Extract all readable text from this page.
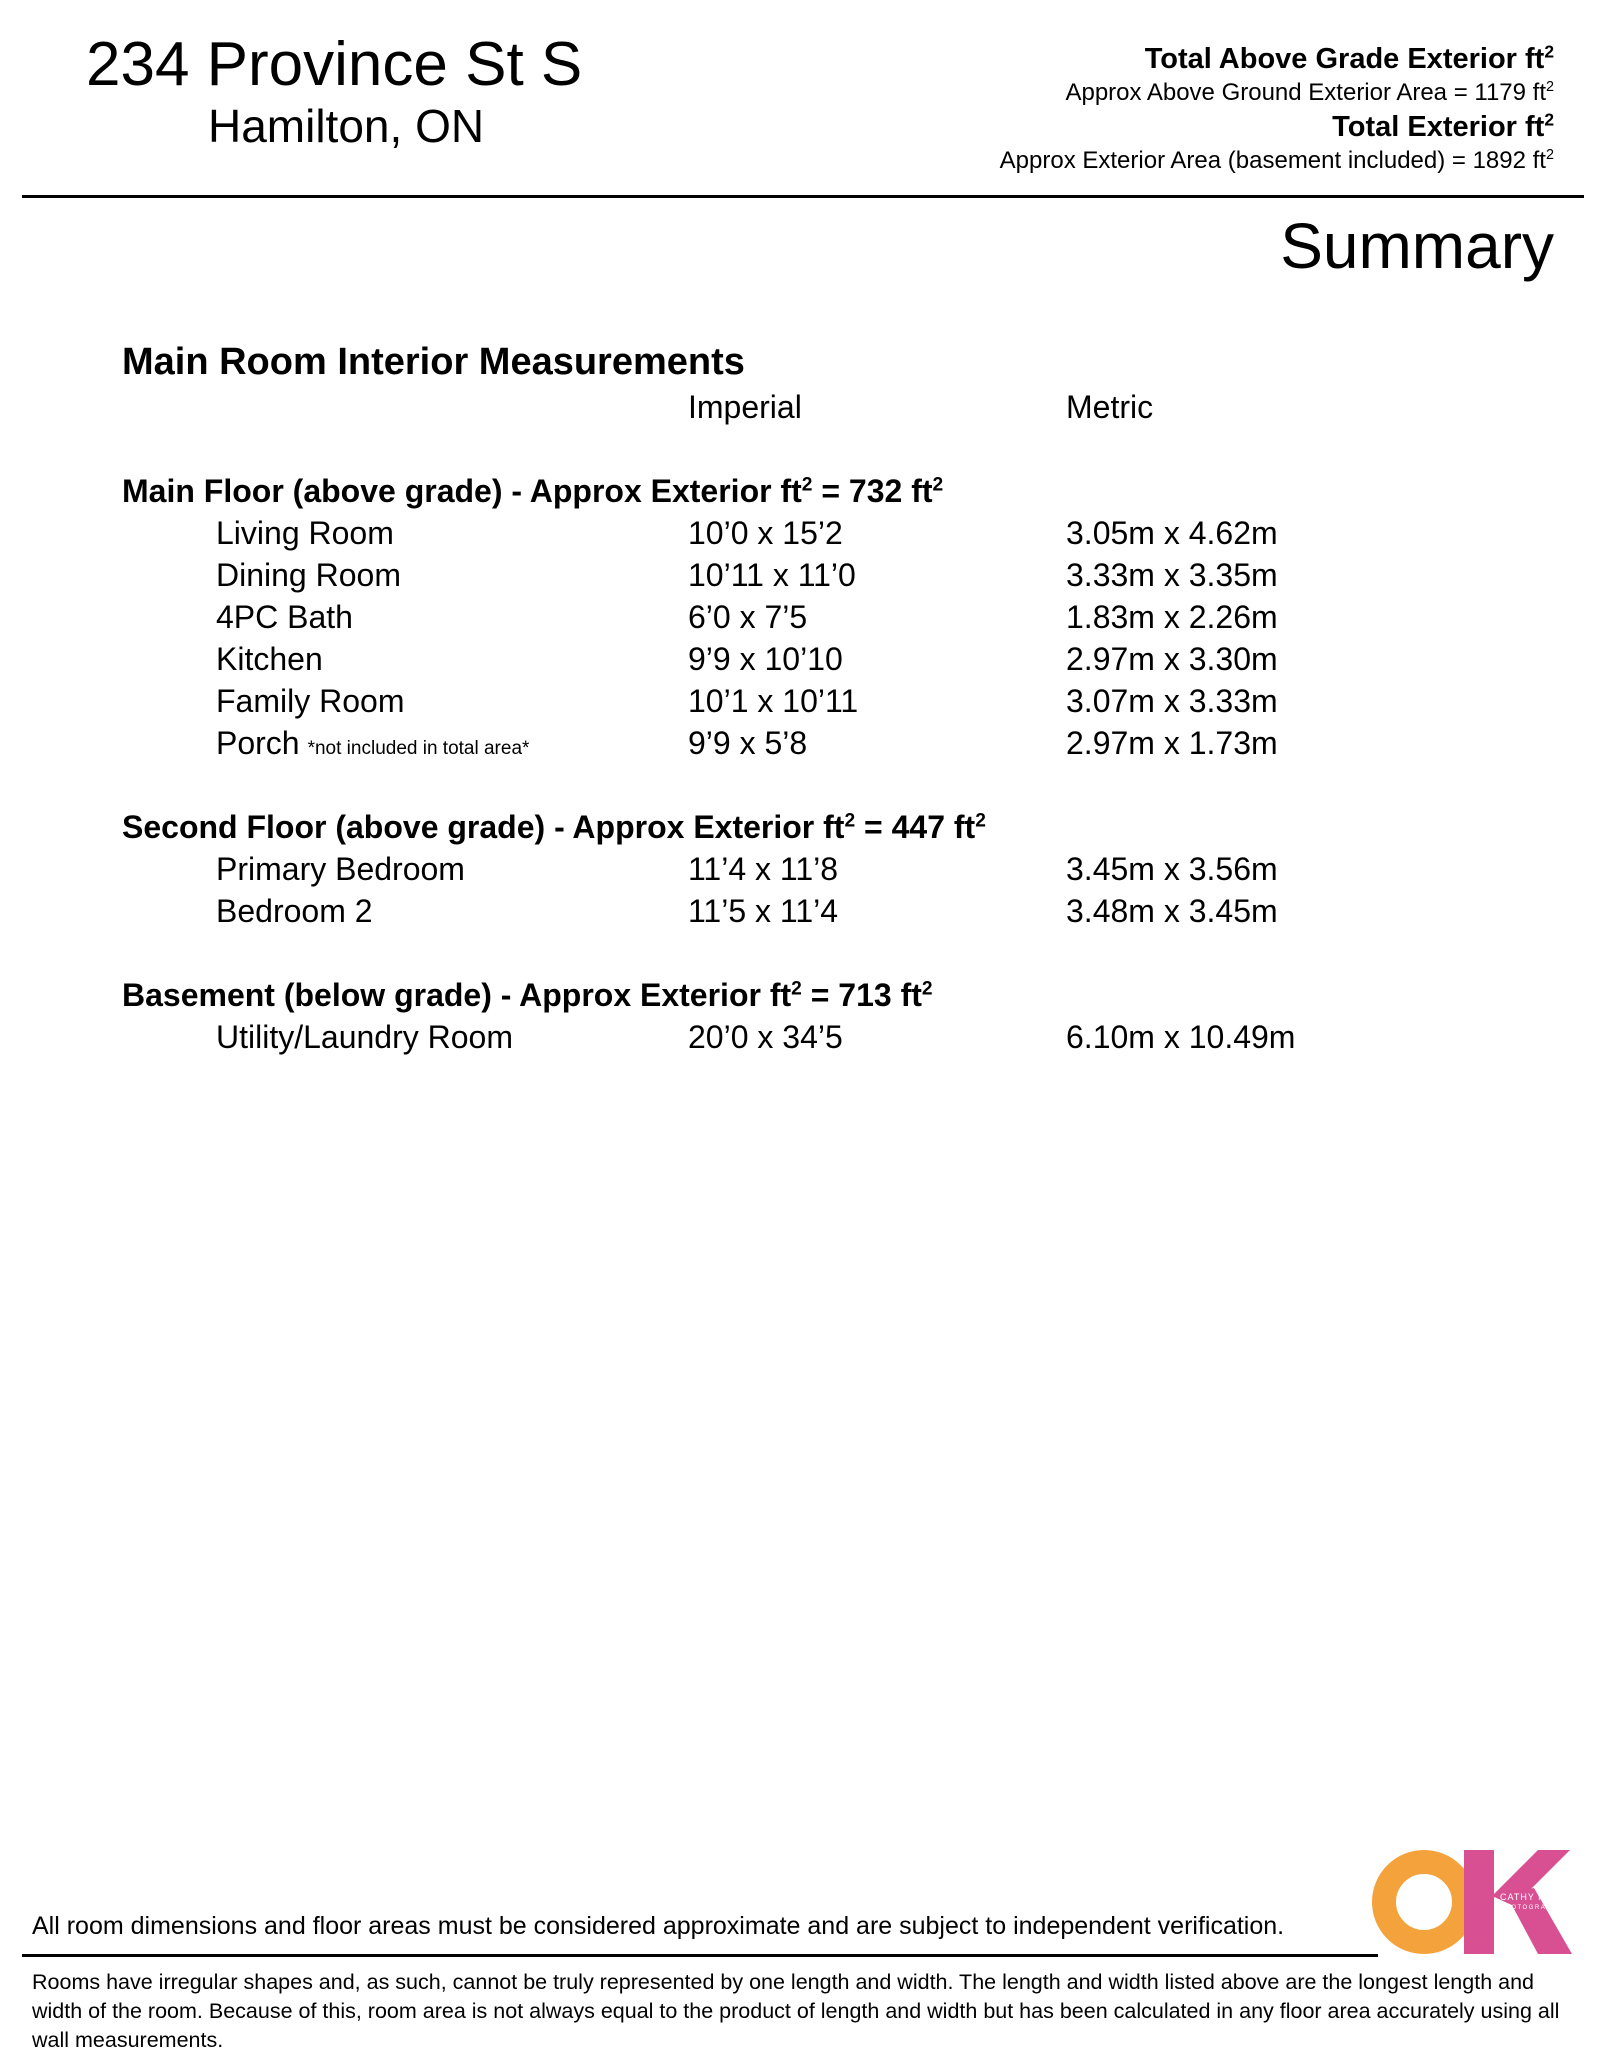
234 Province St S
Hamilton, ON
Total Above Grade Exterior $ft^2$
Approx Above Ground Exterior Area = 1179 $ft^2$
Total Exterior $ft^2$
Approx Exterior Area (basement included) = 1892 $ft^2$
Summary
Main Room Interior Measurements
Imperial	Metric
Main Floor (above grade) - Approx Exterior $ft^2 = 732$ $ft^2$
Living Room	10’0 x 15’2	3.05m x 4.62m
Dining Room	10’11 x 11’0	3.33m x 3.35m
4PC Bath	6’0 x 7’5	1.83m x 2.26m
Kitchen	9’9 x 10’10	2.97m x 3.30m
Family Room	10’1 x 10’11	3.07m x 3.33m
Porch *not included in total area*	9’9 x 5’8	2.97m x 1.73m
Second Floor (above grade) - Approx Exterior $ft^2 = 447$ $ft^2$
Primary Bedroom	11’4 x 11’8	3.45m x 3.56m
Bedroom 2	11’5 x 11’4	3.48m x 3.45m
Basement (below grade) - Approx Exterior $ft^2 = 713$ $ft^2$
Utility/Laundry Room	20’0 x 34’5	6.10m x 10.49m
All room dimensions and floor areas must be considered approximate and are subject to independent verification.
Rooms have irregular shapes and, as such, cannot be truly represented by one length and width. The length and width listed above are the longest length and width of the room. Because of this, room area is not always equal to the product of length and width but has been calculated in any floor area accurately using all wall measurements.
CATHY KOOP
PHOTOGRAPHY
